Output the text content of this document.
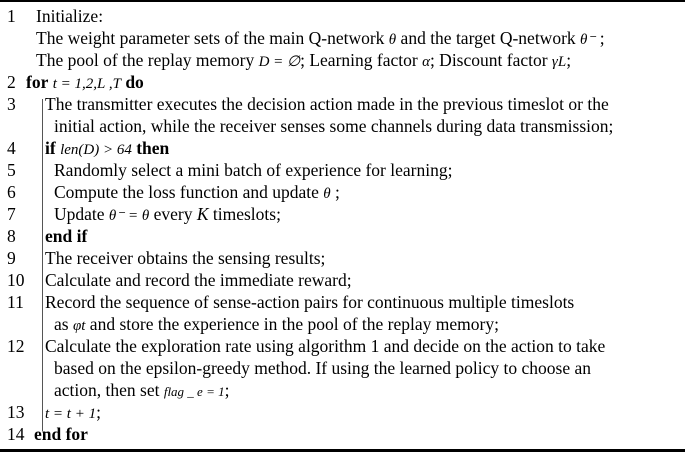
1	Initialize:
The weight parameter sets of the main Q-network θ and the target Q-network θ⁻ ;
The pool of the replay memory D = ∅; Learning factor α; Discount factor γL;
2 for t = 1,2,L ,T do
3	The transmitter executes the decision action made in the previous timeslot or the
initial action, while the receiver senses some channels during data transmission;
4	if len(D) > 64 then
5	Randomly select a mini batch of experience for learning;
6	Compute the loss function and update θ ;
7	Update θ⁻ = θ every K timeslots;
8	end if
9	The receiver obtains the sensing results;
10	Calculate and record the immediate reward;
11	Record the sequence of sense-action pairs for continuous multiple timeslots
as φt and store the experience in the pool of the replay memory;
12	Calculate the exploration rate using algorithm 1 and decide on the action to take
based on the epsilon-greedy method. If using the learned policy to choose an
action, then set flag _ e = 1;
13	t = t + 1;
14 end for
